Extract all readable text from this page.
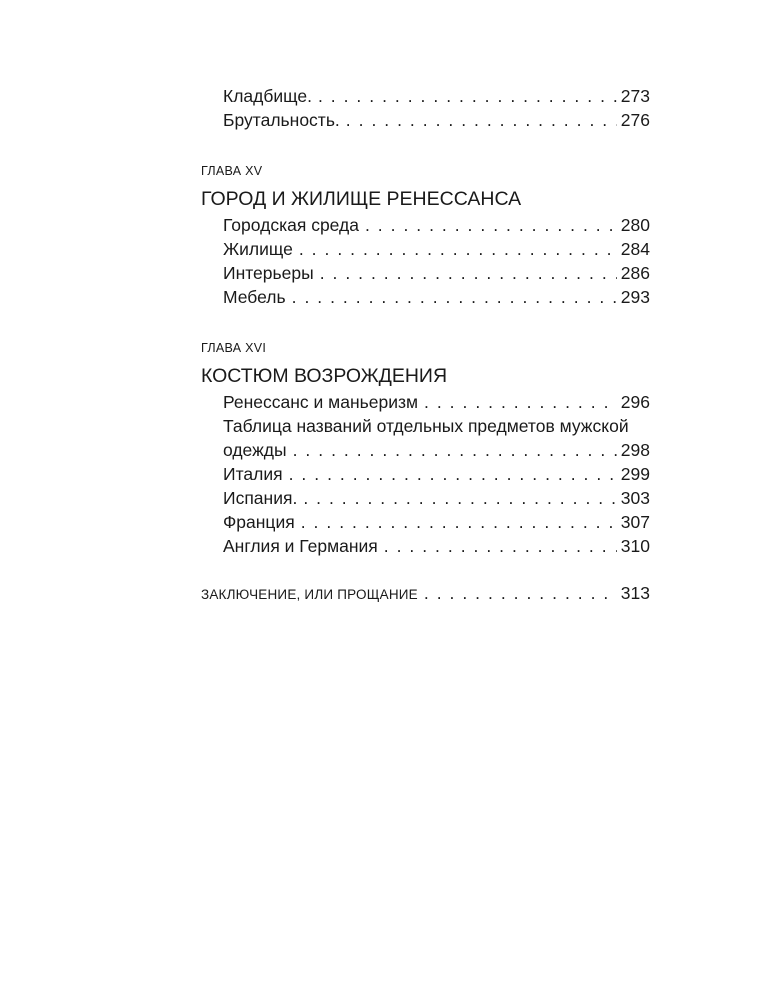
Кладбище. . . .	273
Брутальность. . . .	276
ГЛАВА XV
ГОРОД И ЖИЛИЩЕ РЕНЕССАНСА
Городская среда . . .	280
Жилище . . .	284
Интерьеры . . .	286
Мебель . . .	293
ГЛАВА XVI
КОСТЮМ ВОЗРОЖДЕНИЯ
Ренессанс и маньеризм . . .	296
Таблица названий отдельных предметов мужской
одежды . . .	298
Италия . . .	299
Испания. . . .	303
Франция . . .	307
Англия и Германия . . .	310
ЗАКЛЮЧЕНИЕ, ИЛИ ПРОЩАНИЕ . . .	313
